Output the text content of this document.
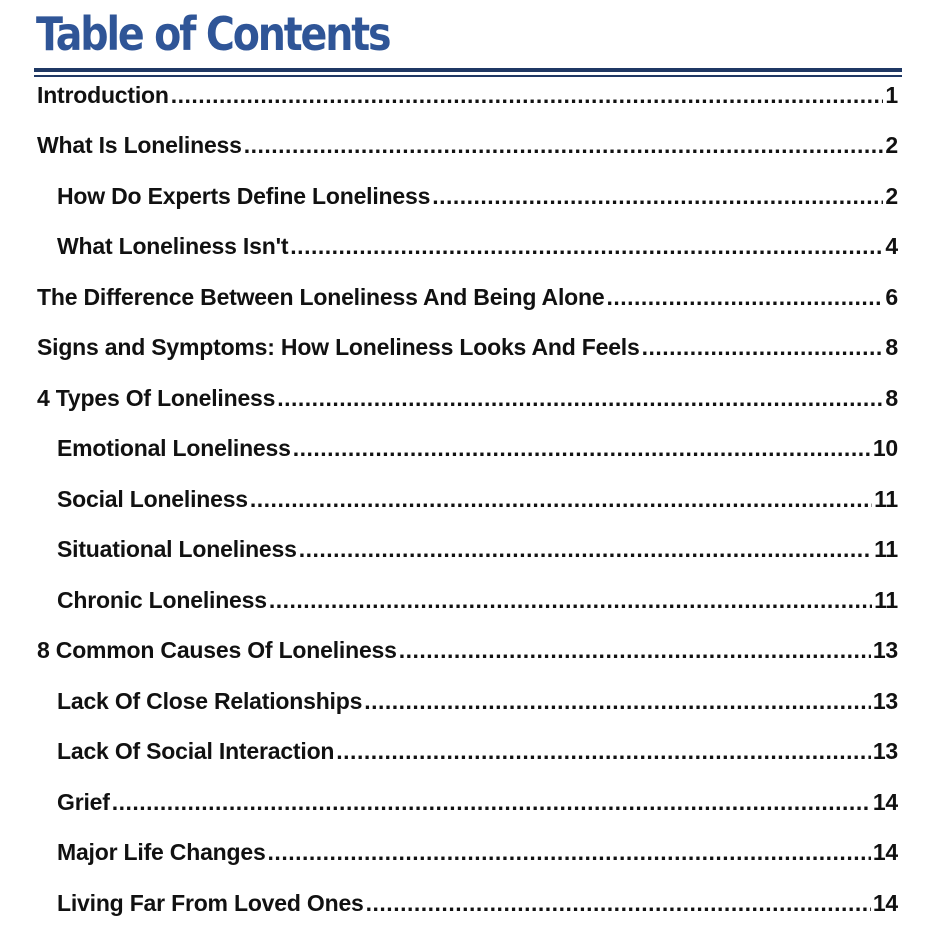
Table of Contents
Introduction .....	1
What Is Loneliness .....	2
How Do Experts Define Loneliness .....	2
What Loneliness Isn't .....	4
The Difference Between Loneliness And Being Alone .....	6
Signs and Symptoms: How Loneliness Looks And Feels .....	8
4 Types Of Loneliness .....	8
Emotional Loneliness .....	10
Social Loneliness .....	11
Situational Loneliness .....	11
Chronic Loneliness .....	11
8 Common Causes Of Loneliness .....	13
Lack Of Close Relationships .....	13
Lack Of Social Interaction .....	13
Grief .....	14
Major Life Changes .....	14
Living Far From Loved Ones .....	14
